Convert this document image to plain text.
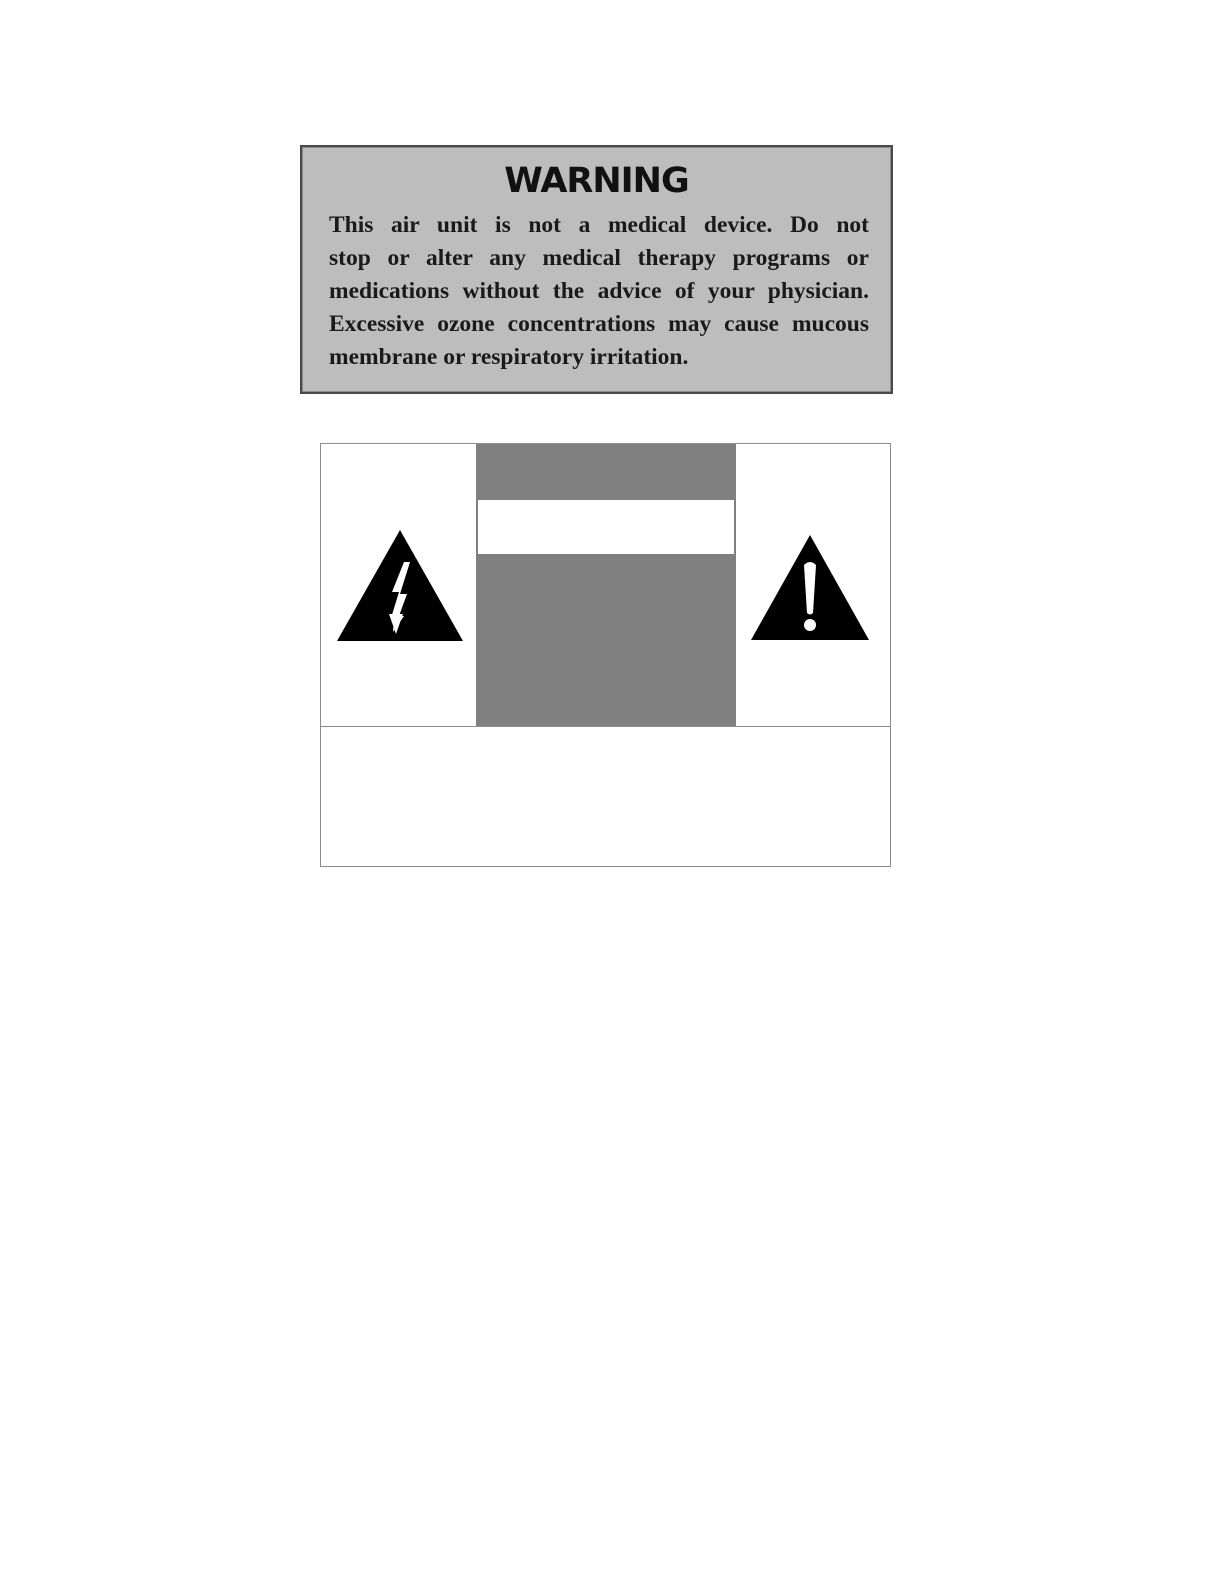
WARNING
This air unit is not a medical device. Do not
stop or alter any medical therapy programs or
medications without the advice of your physician.
Excessive ozone concentrations may cause mucous
membrane or respiratory irritation.
